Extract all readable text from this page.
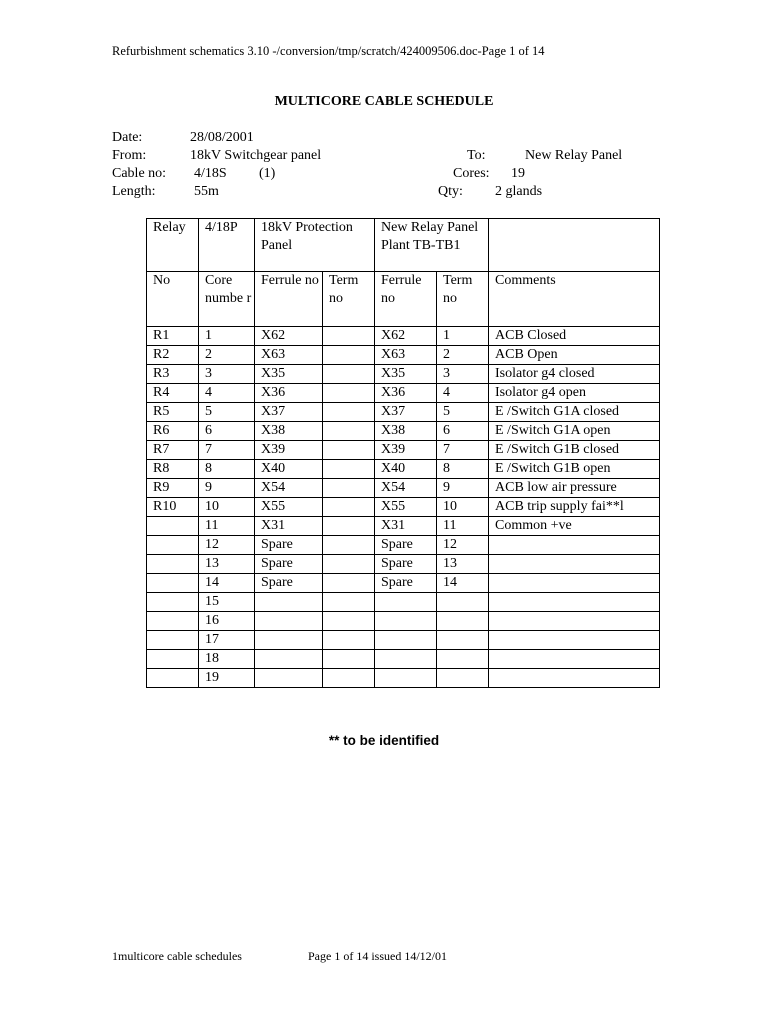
Refurbishment schematics 3.10 -/conversion/tmp/scratch/424009506.doc-Page 1 of 14
MULTICORE CABLE SCHEDULE
Date:	28/08/2001
From:	18kV Switchgear panel	To:	New Relay Panel
Cable no: 4/18S (1)	Cores: 19
Length:	55m	Qty: 2 glands
Relay	4/18P	18kV Protection Panel		New Relay Panel Plant TB-TB1		
No	Core numbe r	Ferrule no	Term no	Ferrule no	Term no	Comments
R1	1	X62		X62	1	ACB Closed
R2	2	X63		X63	2	ACB Open
R3	3	X35		X35	3	Isolator g4 closed
R4	4	X36		X36	4	Isolator g4 open
R5	5	X37		X37	5	E /Switch G1A closed
R6	6	X38		X38	6	E /Switch G1A open
R7	7	X39		X39	7	E /Switch G1B closed
R8	8	X40		X40	8	E /Switch G1B open
R9	9	X54		X54	9	ACB low air pressure
R10	10	X55		X55	10	ACB trip supply fai**l
	11	X31		X31	11	Common +ve
	12	Spare		Spare	12	
	13	Spare		Spare	13	
	14	Spare		Spare	14	
	15					
	16					
	17					
	18					
	19					
** to be identified
1multicore cable schedules	Page 1 of 14 issued 14/12/01
